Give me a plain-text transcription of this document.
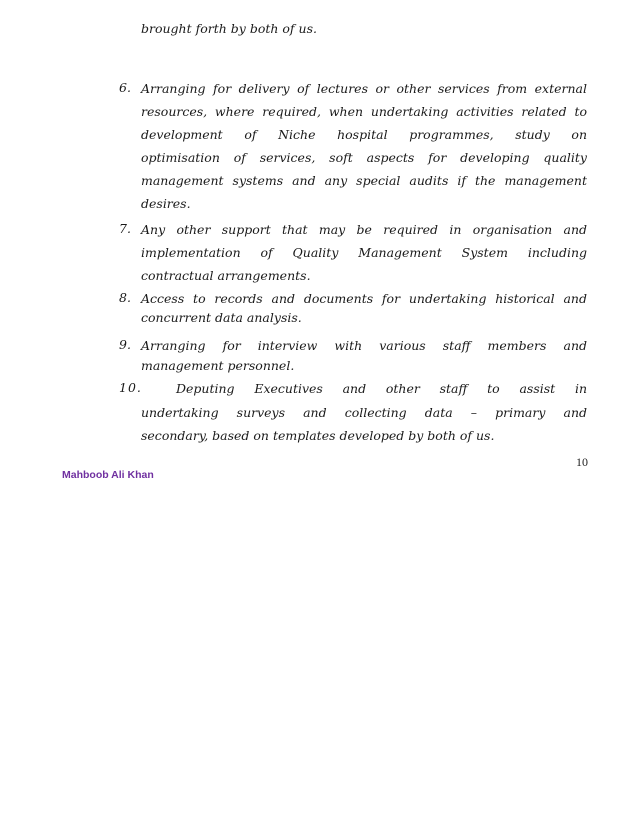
brought forth by both of us.
6. Arranging for delivery of lectures or other services from external
resources, where required, when undertaking activities related to
development of Niche hospital programmes, study on
optimisation of services, soft aspects for developing quality
management systems and any special audits if the management
desires.
7. Any other support that may be required in organisation and
implementation of Quality Management System including
contractual arrangements.
8. Access to records and documents for undertaking historical and
concurrent data analysis.
9. Arranging for interview with various staff members and
management personnel.
10.	Deputing Executives and other staff to assist in
undertaking surveys and collecting data – primary and
secondary, based on templates developed by both of us.
10
Mahboob Ali Khan
